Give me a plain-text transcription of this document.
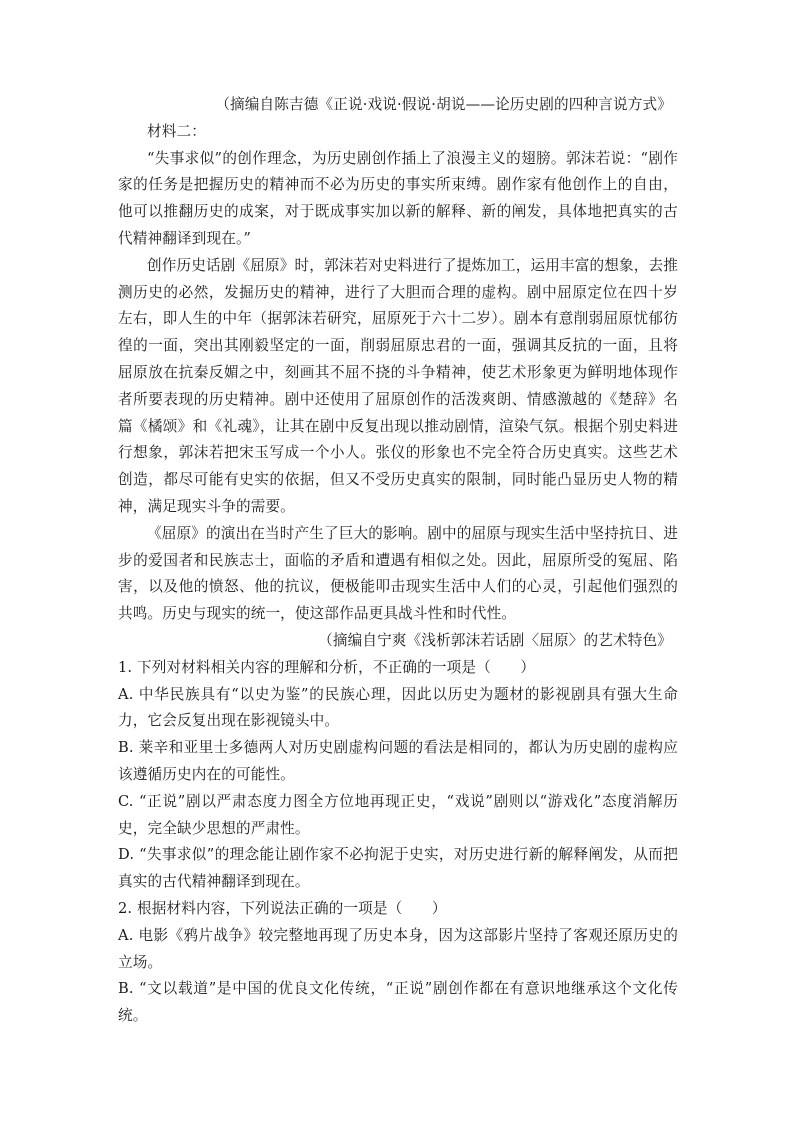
（摘编自陈吉德《正说·戏说·假说·胡说——论历史剧的四种言说方式》

材料二：

“失事求似”的创作理念，为历史剧创作插上了浪漫主义的翅膀。郭沫若说：“剧作家的任务是把握历史的精神而不必为历史的事实所束缚。剧作家有他创作上的自由，他可以推翻历史的成案，对于既成事实加以新的解释、新的阐发，具体地把真实的古代精神翻译到现在。”

创作历史话剧《屈原》时，郭沫若对史料进行了提炼加工，运用丰富的想象，去推测历史的必然，发掘历史的精神，进行了大胆而合理的虚构。剧中屈原定位在四十岁左右，即人生的中年（据郭沫若研究，屈原死于六十二岁）。剧本有意削弱屈原忧郁彷徨的一面，突出其刚毅坚定的一面，削弱屈原忠君的一面，强调其反抗的一面，且将屈原放在抗秦反媚之中，刻画其不屈不挠的斗争精神，使艺术形象更为鲜明地体现作者所要表现的历史精神。剧中还使用了屈原创作的活泼爽朗、情感激越的《楚辞》名篇《橘颂》和《礼魂》，让其在剧中反复出现以推动剧情，渲染气氛。根据个别史料进行想象，郭沫若把宋玉写成一个小人。张仪的形象也不完全符合历史真实。这些艺术创造，都尽可能有史实的依据，但又不受历史真实的限制，同时能凸显历史人物的精神，满足现实斗争的需要。

《屈原》的演出在当时产生了巨大的影响。剧中的屈原与现实生活中坚持抗日、进步的爱国者和民族志士，面临的矛盾和遭遇有相似之处。因此，屈原所受的冤屈、陷害，以及他的愤怒、他的抗议，便极能叩击现实生活中人们的心灵，引起他们强烈的共鸣。历史与现实的统一，使这部作品更具战斗性和时代性。

（摘编自宁爽《浅析郭沫若话剧〈屈原〉的艺术特色》

1. 下列对材料相关内容的理解和分析，不正确的一项是（　　）

A. 中华民族具有“以史为鉴”的民族心理，因此以历史为题材的影视剧具有强大生命力，它会反复出现在影视镜头中。

B. 莱辛和亚里士多德两人对历史剧虚构问题的看法是相同的，都认为历史剧的虚构应该遵循历史内在的可能性。

C. “正说”剧以严肃态度力图全方位地再现正史，“戏说”剧则以“游戏化”态度消解历史，完全缺少思想的严肃性。

D. “失事求似”的理念能让剧作家不必拘泥于史实，对历史进行新的解释阐发，从而把真实的古代精神翻译到现在。

2. 根据材料内容，下列说法正确的一项是（　　）

A. 电影《鸦片战争》较完整地再现了历史本身，因为这部影片坚持了客观还原历史的立场。

B. “文以载道”是中国的优良文化传统，“正说”剧创作都在有意识地继承这个文化传统。
